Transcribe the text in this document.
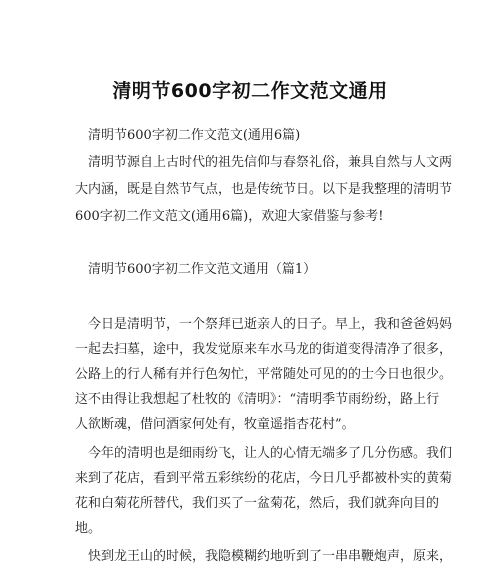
清明节600字初二作文范文通用

清明节600字初二作文范文(通用6篇)

清明节源自上古时代的祖先信仰与春祭礼俗，兼具自然与人文两

大内涵，既是自然节气点，也是传统节日。以下是我整理的清明节

600字初二作文范文(通用6篇)，欢迎大家借鉴与参考!

清明节600字初二作文范文通用（篇1）

今日是清明节，一个祭拜已逝亲人的日子。早上，我和爸爸妈妈

一起去扫墓，途中，我发觉原来车水马龙的街道变得清净了很多，

公路上的行人稀有并行色匆忙，平常随处可见的的士今日也很少。

这不由得让我想起了杜牧的《清明》：“清明季节雨纷纷，路上行

人欲断魂，借问酒家何处有，牧童遥指杏花村”。

今年的清明也是细雨纷飞，让人的心情无端多了几分伤感。我们

来到了花店，看到平常五彩缤纷的花店，今日几乎都被朴实的黄菊

花和白菊花所替代，我们买了一盆菊花，然后，我们就奔向目的

地。

快到龙王山的时候，我隐模糊约地听到了一串串鞭炮声，原来，
